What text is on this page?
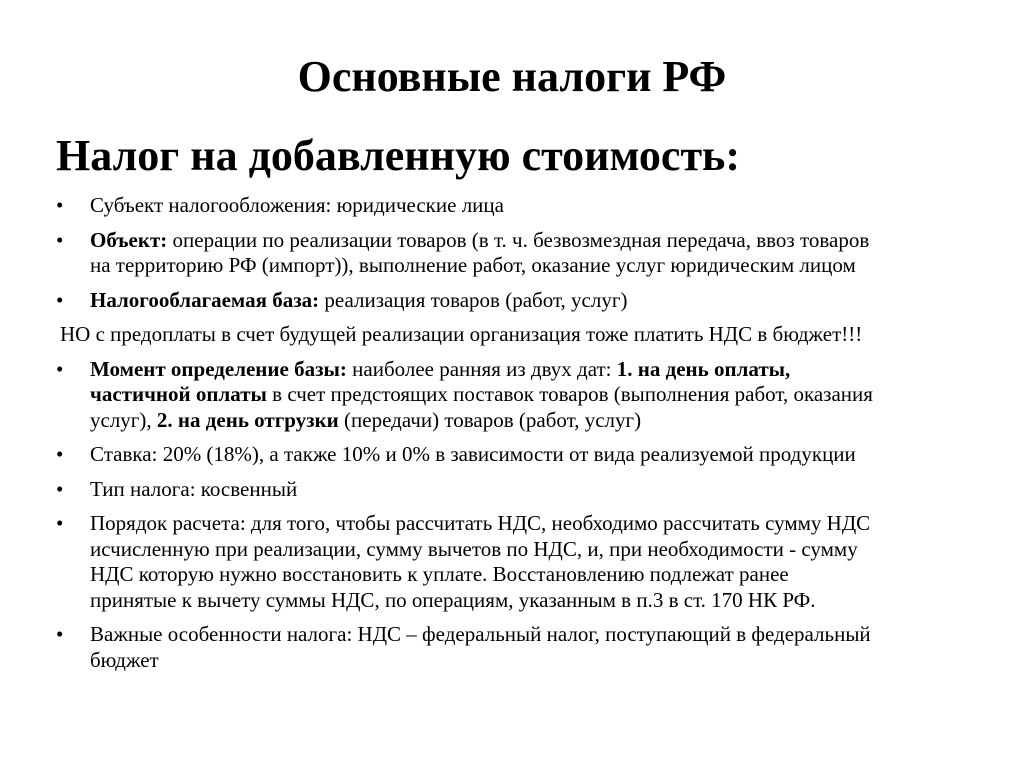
Основные налоги РФ
Налог на добавленную стоимость:
• Субъект налогообложения: юридические лица
• Объект: операции по реализации товаров (в т. ч. безвозмездная передача, ввоз товаров
на территорию РФ (импорт)), выполнение работ, оказание услуг юридическим лицом
• Налогооблагаемая база: реализация товаров (работ, услуг)
НО с предоплаты в счет будущей реализации организация тоже платить НДС в бюджет!!!
• Момент определение базы: наиболее ранняя из двух дат: 1. на день оплаты,
частичной оплаты в счет предстоящих поставок товаров (выполнения работ, оказания
услуг), 2. на день отгрузки (передачи) товаров (работ, услуг)
• Ставка: 20% (18%), а также 10% и 0% в зависимости от вида реализуемой продукции
• Тип налога: косвенный
• Порядок расчета: для того, чтобы рассчитать НДС, необходимо рассчитать сумму НДС
исчисленную при реализации, сумму вычетов по НДС, и, при необходимости - сумму
НДС которую нужно восстановить к уплате. Восстановлению подлежат ранее
принятые к вычету суммы НДС, по операциям, указанным в п.3 в ст. 170 НК РФ.
• Важные особенности налога: НДС – федеральный налог, поступающий в федеральный
бюджет
